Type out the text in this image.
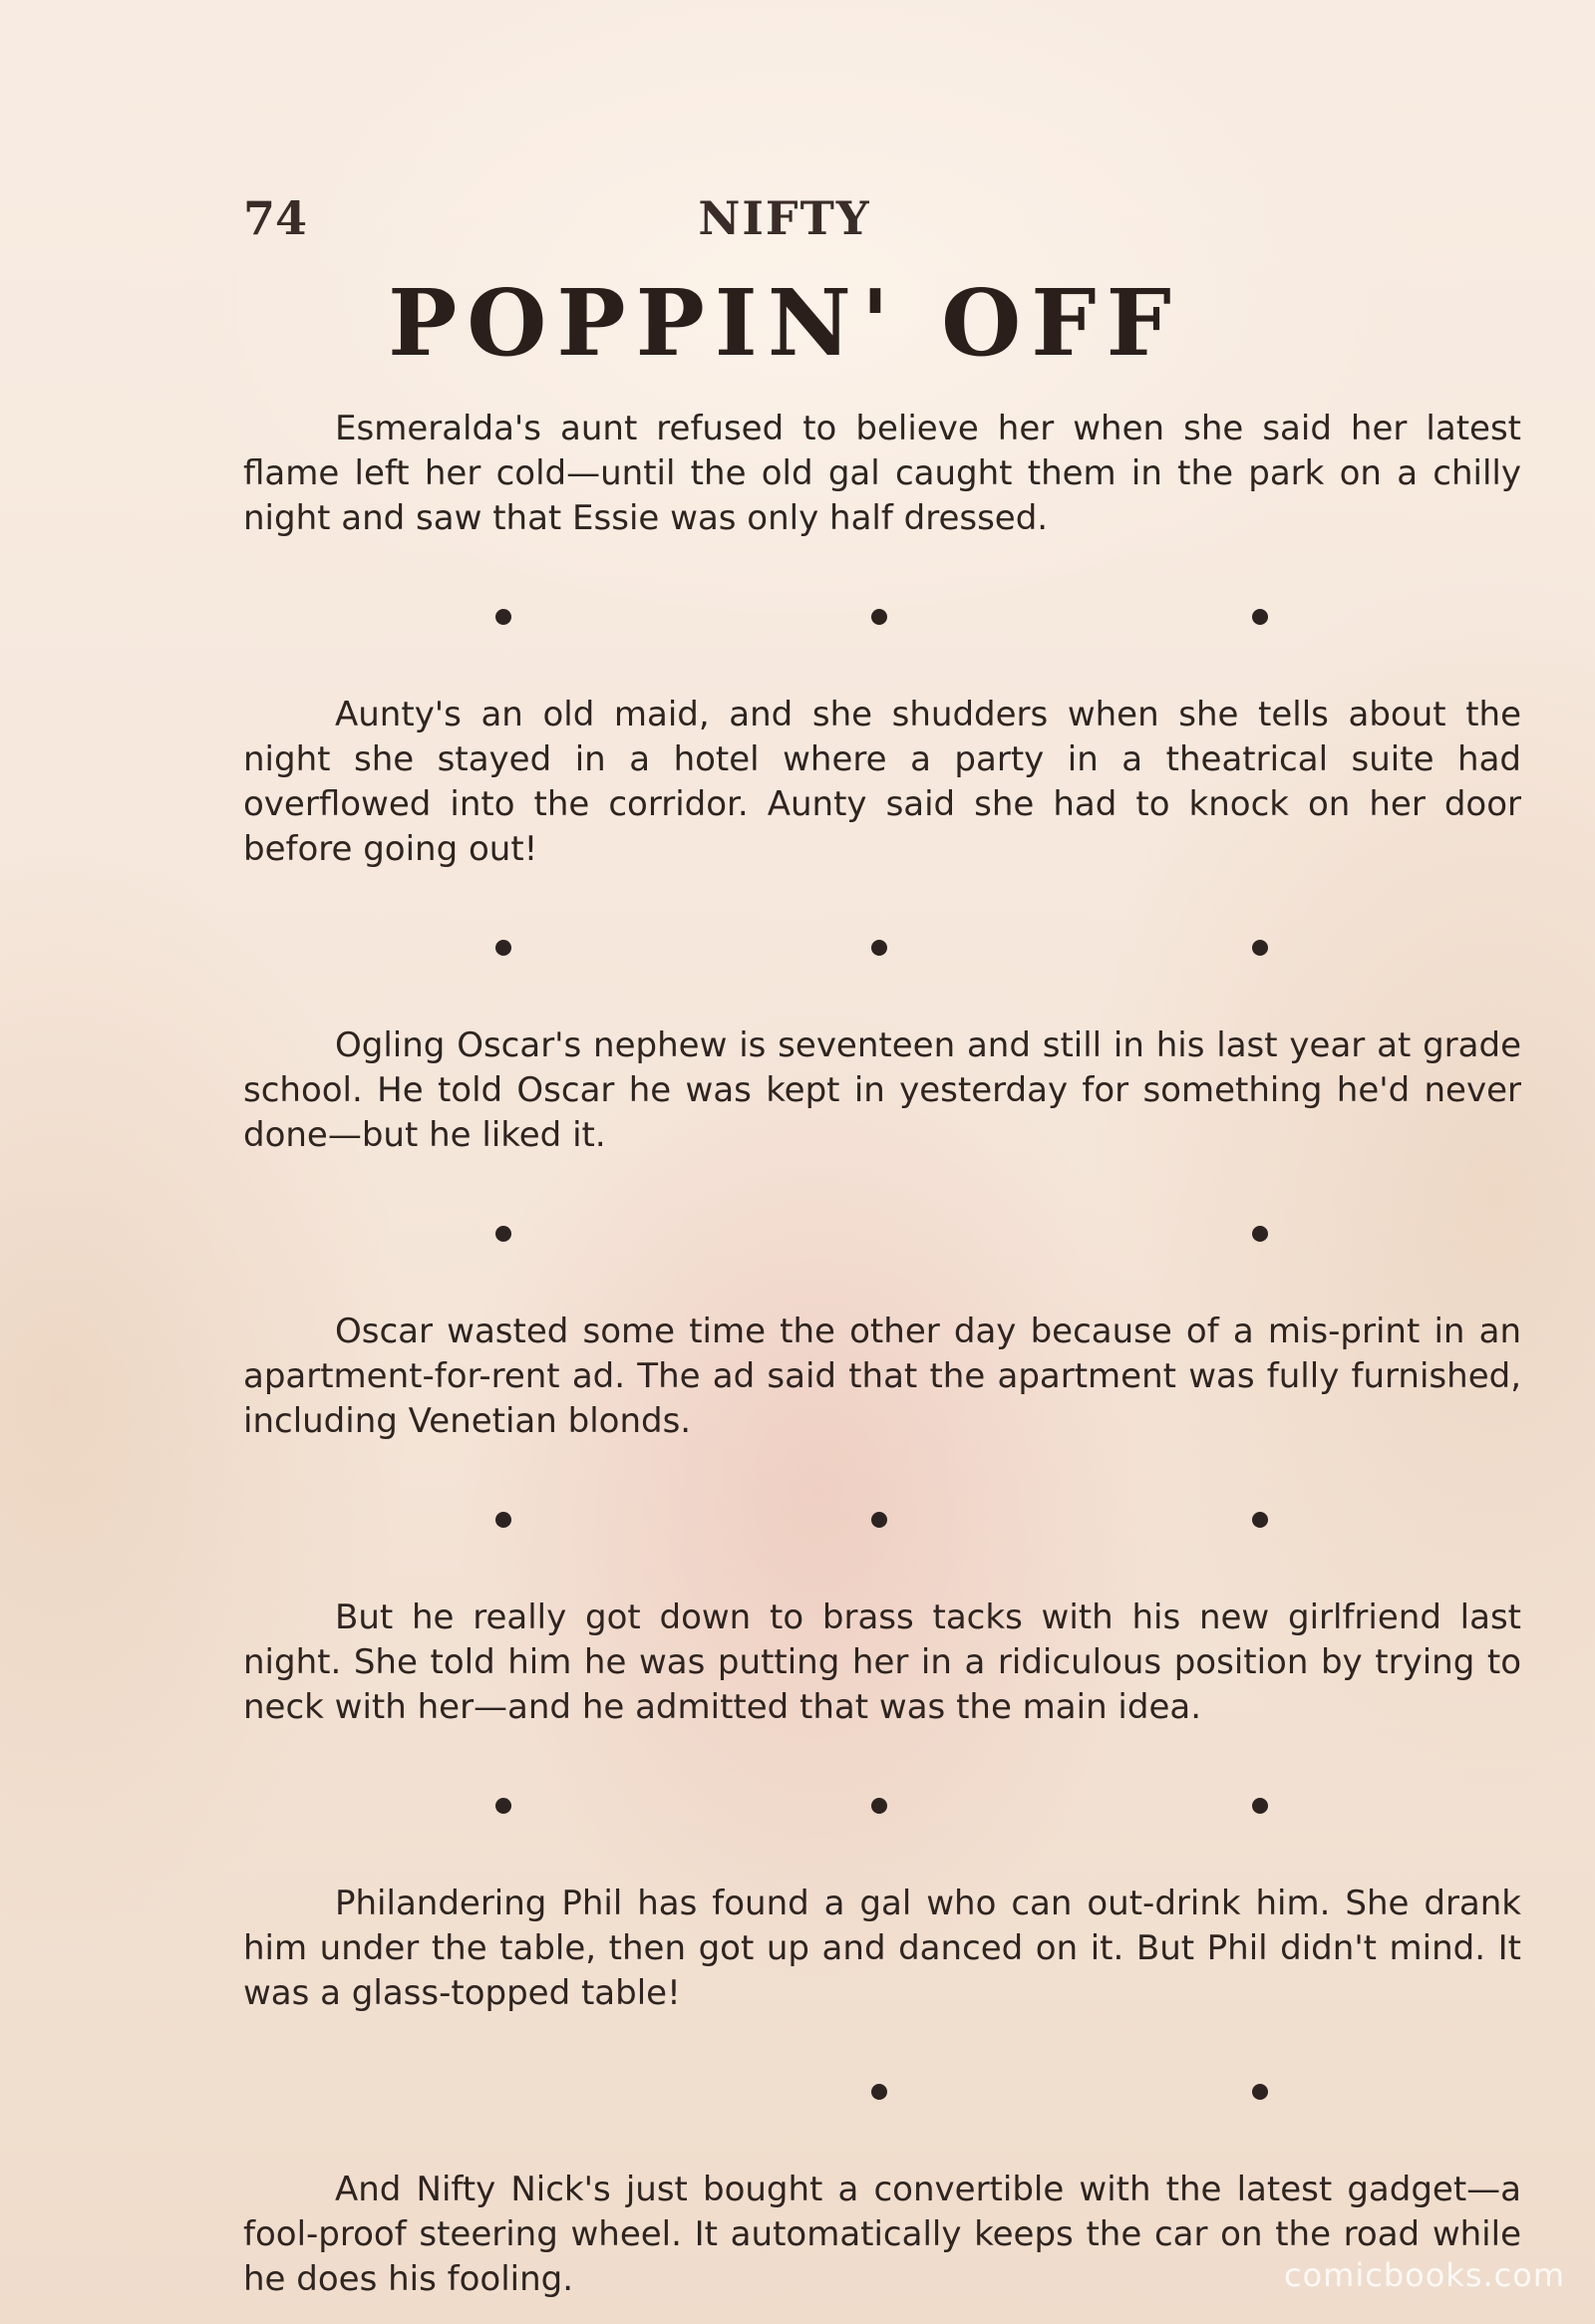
74	NIFTY
POPPIN' OFF

Esmeralda's aunt refused to believe her when she said her latest flame left her cold—until the old gal caught them in the park on a chilly night and saw that Essie was only half dressed.

Aunty's an old maid, and she shudders when she tells about the night she stayed in a hotel where a party in a theatrical suite had overflowed into the corridor. Aunty said she had to knock on her door before going out!

Ogling Oscar's nephew is seventeen and still in his last year at grade school. He told Oscar he was kept in yesterday for something he'd never done—but he liked it.

Oscar wasted some time the other day because of a mis-print in an apartment-for-rent ad. The ad said that the apartment was fully furnished, including Venetian blonds.

But he really got down to brass tacks with his new girlfriend last night. She told him he was putting her in a ridiculous position by trying to neck with her—and he admitted that was the main idea.

Philandering Phil has found a gal who can out-drink him. She drank him under the table, then got up and danced on it. But Phil didn't mind. It was a glass-topped table!

And Nifty Nick's just bought a convertible with the latest gadget—a fool-proof steering wheel. It automatically keeps the car on the road while he does his fooling.	comicbooks.com
